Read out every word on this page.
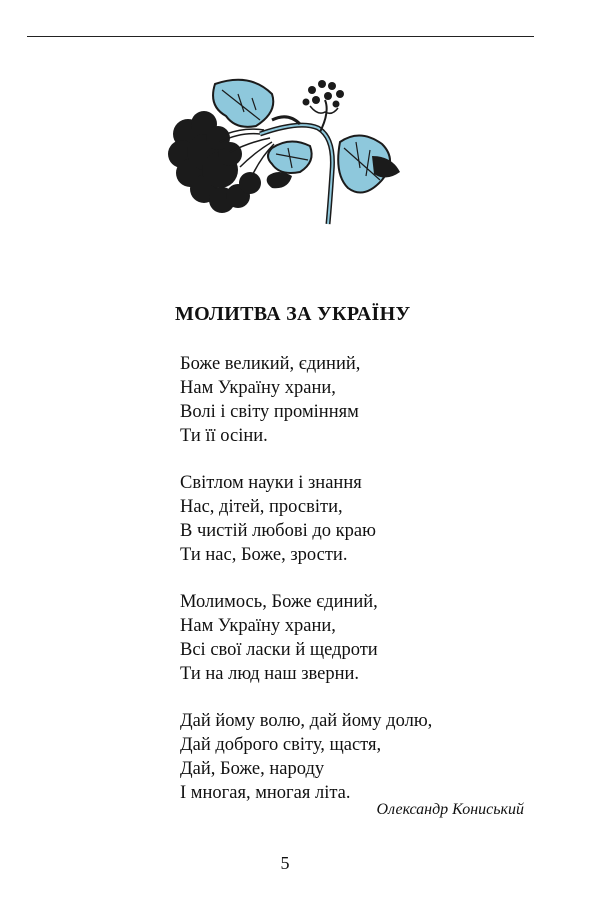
МОЛИТВА ЗА УКРАЇНУ
Боже великий, єдиний,
Нам Україну храни,
Волі і світу промінням
Ти її осіни.
Світлом науки і знання
Нас, дітей, просвіти,
В чистій любові до краю
Ти нас, Боже, зрости.
Молимось, Боже єдиний,
Нам Україну храни,
Всі свої ласки й щедроти
Ти на люд наш зверни.
Дай йому волю, дай йому долю,
Дай доброго світу, щастя,
Дай, Боже, народу
І многая, многая літа.
Олександр Кониський
5
